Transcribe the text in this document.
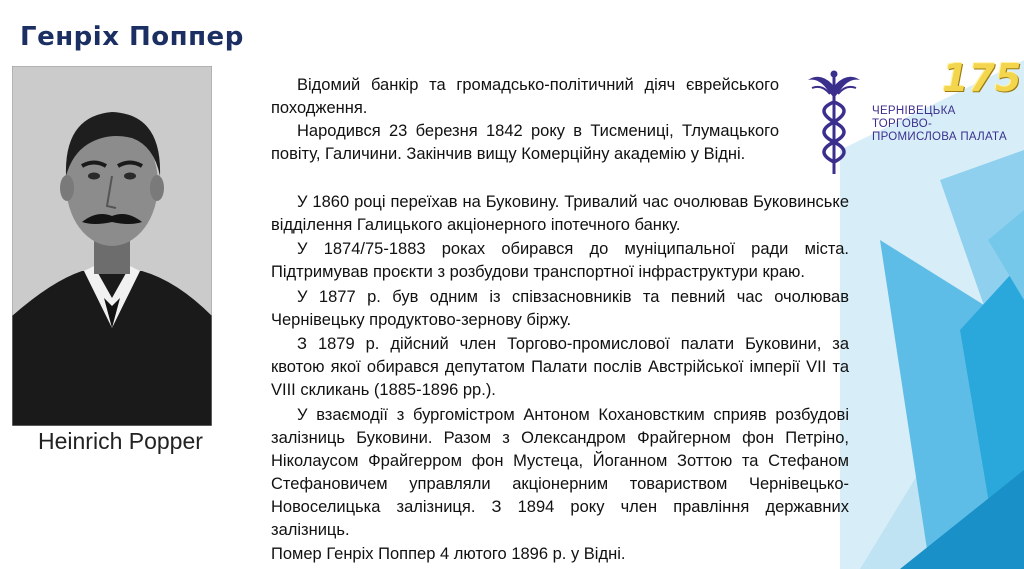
Генріх Поппер

Heinrich Popper

175

ЧЕРНІВЕЦЬКА ТОРГОВО-ПРОМИСЛОВА ПАЛАТА

Відомий банкір та громадсько-політичний діяч єврейського походження.

Народився 23 березня 1842 року в Тисмениці, Тлумацького повіту, Галичини. Закінчив вищу Комерційну академію у Відні.

У 1860 році переїхав на Буковину. Тривалий час очолював Буковинське відділення Галицького акціонерного іпотечного банку.

У 1874/75-1883 роках обирався до муніципальної ради міста. Підтримував проєкти з розбудови транспортної інфраструктури краю.

У 1877 р. був одним із співзасновників та певний час очолював Чернівецьку продуктово-зернову біржу.

З 1879 р. дійсний член Торгово-промислової палати Буковини, за квотою якої обирався депутатом Палати послів Австрійської імперії VII та VIII скликань (1885-1896 рр.).

У взаємодії з бургомістром Антоном Кохановстким сприяв розбудові залізниць Буковини. Разом з Олександром Фрайгерном фон Петріно, Ніколаусом Фрайгерром фон Мустеца, Йоганном Зоттою та Стефаном Стефановичем управляли акціонерним товариством Чернівецько-Новоселицька залізниця. З 1894 року член правління державних залізниць.

Помер Генріх Поппер 4 лютого 1896 р. у Відні.
